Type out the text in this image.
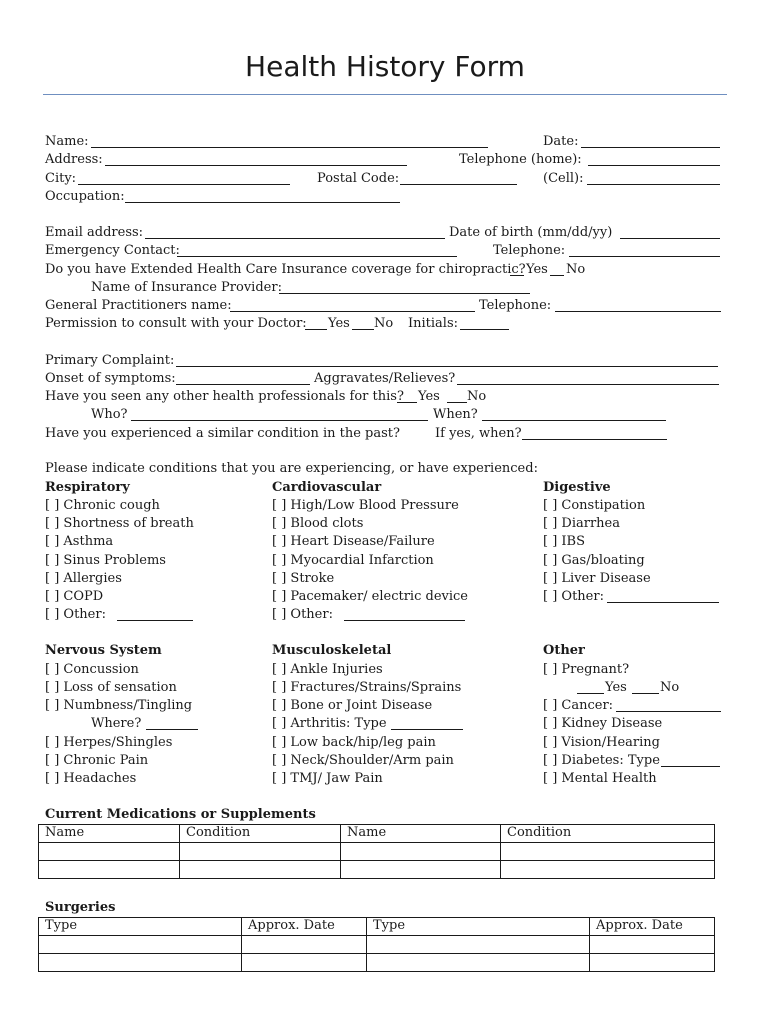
Health History Form
Name:	Date:
Address:	Telephone (home):
City:	Postal Code:	(Cell):
Occupation:
Email address:	Date of birth (mm/dd/yy)
Emergency Contact:	Telephone:
Do you have Extended Health Care Insurance coverage for chiropractic? Yes No
Name of Insurance Provider:
General Practitioners name:	Telephone:
Permission to consult with your Doctor: Yes No Initials:
Primary Complaint:
Onset of symptoms:	Aggravates/Relieves?
Have you seen any other health professionals for this? Yes No
Who?	When?
Have you experienced a similar condition in the past?	If yes, when?
Please indicate conditions that you are experiencing, or have experienced:
Respiratory
[ ] Chronic cough
[ ] Shortness of breath
[ ] Asthma
[ ] Sinus Problems
[ ] Allergies
[ ] COPD
[ ] Other:
Cardiovascular
[ ] High/Low Blood Pressure
[ ] Blood clots
[ ] Heart Disease/Failure
[ ] Myocardial Infarction
[ ] Stroke
[ ] Pacemaker/ electric device
[ ] Other:
Digestive
[ ] Constipation
[ ] Diarrhea
[ ] IBS
[ ] Gas/bloating
[ ] Liver Disease
[ ] Other:
Nervous System
[ ] Concussion
[ ] Loss of sensation
[ ] Numbness/Tingling
Where?
[ ] Herpes/Shingles
[ ] Chronic Pain
[ ] Headaches
Musculoskeletal
[ ] Ankle Injuries
[ ] Fractures/Strains/Sprains
[ ] Bone or Joint Disease
[ ] Arthritis: Type
[ ] Low back/hip/leg pain
[ ] Neck/Shoulder/Arm pain
[ ] TMJ/ Jaw Pain
Other
[ ] Pregnant?
Yes	No
[ ] Cancer:
[ ] Kidney Disease
[ ] Vision/Hearing
[ ] Diabetes: Type
[ ] Mental Health
Current Medications or Supplements
Name	Condition	Name	Condition

Surgeries
Type	Approx. Date	Type	Approx. Date
